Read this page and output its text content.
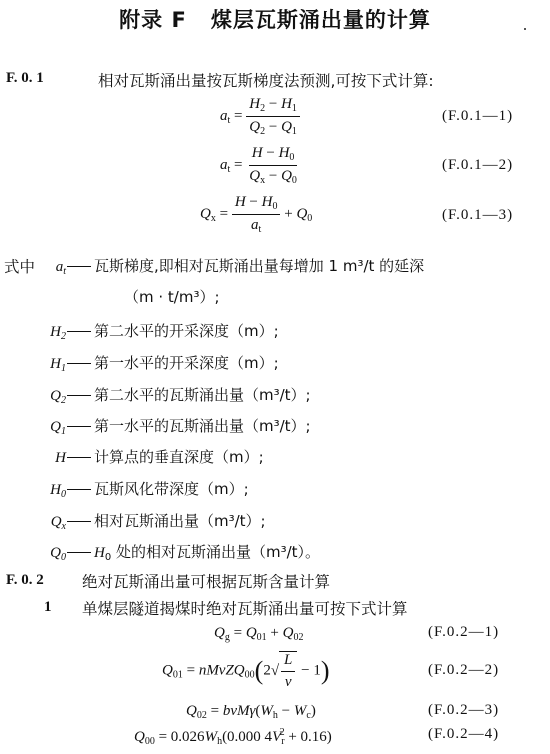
附录 F 煤层瓦斯涌出量的计算
F. 0. 1	相对瓦斯涌出量按瓦斯梯度法预测,可按下式计算:
$a_t = \frac{H_2 - H_1}{Q_2 - Q_1}$	(F.0.1—1)
$a_t = \frac{H - H_0}{Q_x - Q_0}$	(F.0.1—2)
$Q_x = \frac{H - H_0}{a_t} + Q_0$	(F.0.1—3)
式中	$a_t$ 瓦斯梯度,即相对瓦斯涌出量每增加 1 m³/t 的延深
（m · t/m³）;
$H_2$ 第二水平的开采深度（m）;
$H_1$ 第一水平的开采深度（m）;
$Q_2$ 第二水平的瓦斯涌出量（m³/t）;
$Q_1$ 第一水平的瓦斯涌出量（m³/t）;
H 计算点的垂直深度（m）;
$H_0$ 瓦斯风化带深度（m）;
$Q_x$ 相对瓦斯涌出量（m³/t）;
$Q_0$ $H_0$ 处的相对瓦斯涌出量（m³/t）。
F. 0. 2 绝对瓦斯涌出量可根据瓦斯含量计算
1 单煤层隧道揭煤时绝对瓦斯涌出量可按下式计算
$Q_g = Q_{01} + Q_{02}$	(F.0.2—1)
$Q_{01}$ = nMvZQ$_{00}$(2√ $\frac{L}{v} - 1$)	(F.0.2—2)
$Q_{02} = bvM\gamma(W_h - W_c)$	(F.0.2—3)
$Q_{00} = 0.026W_h(0.000$ $4V_r^2 + 0.16$)	(F.0.2—4)
